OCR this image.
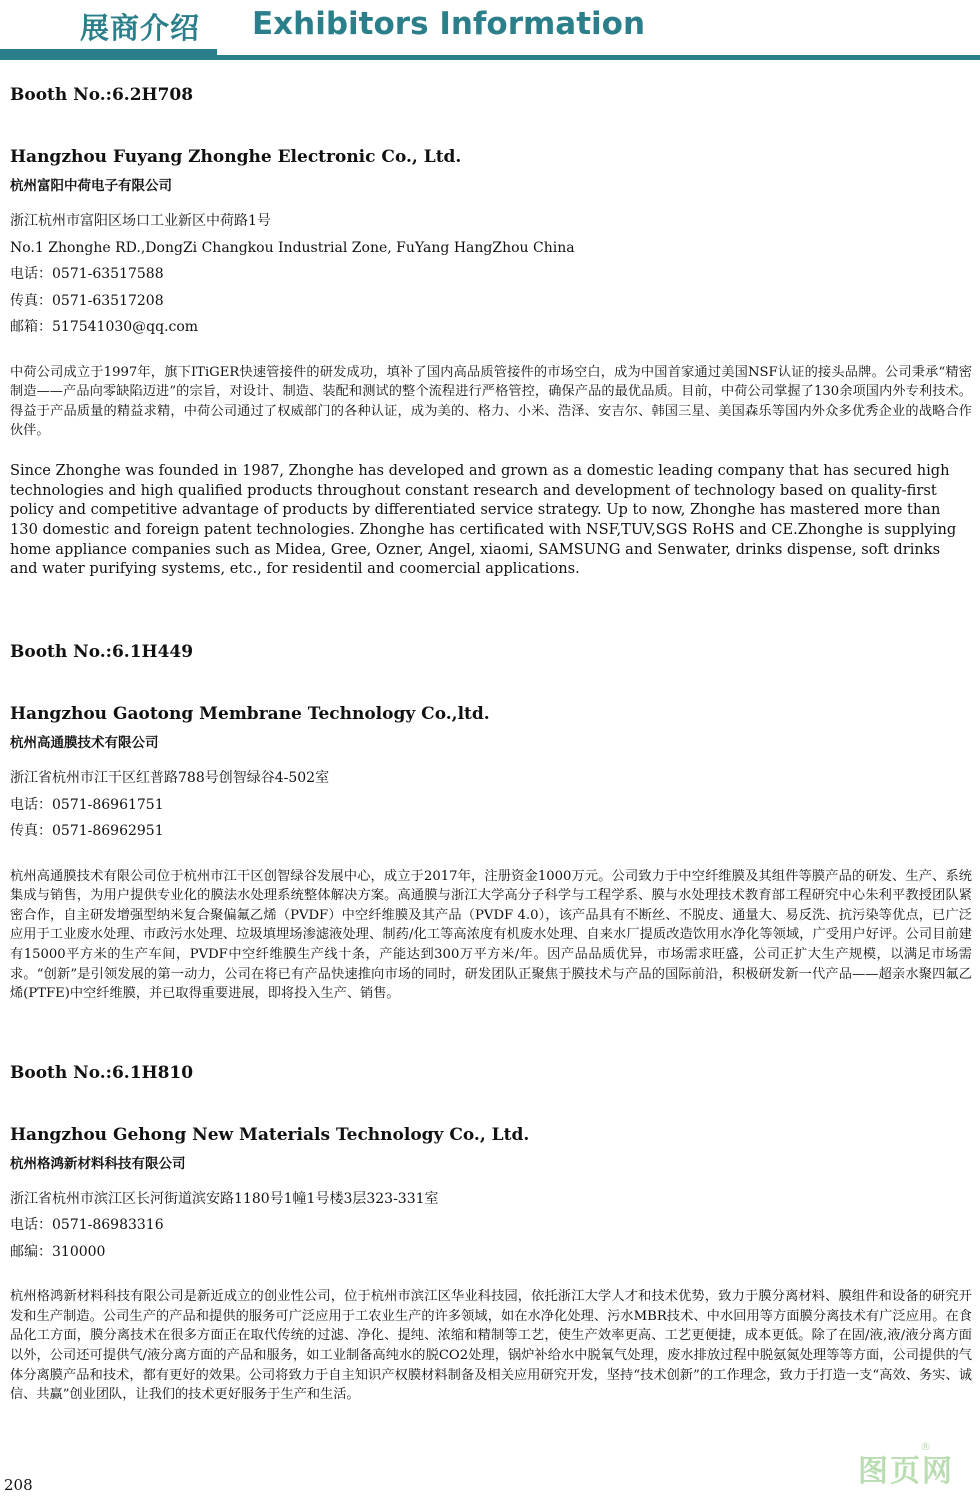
展商介绍 Exhibitors Information

Booth No.:6.2H708

Hangzhou Fuyang Zhonghe Electronic Co., Ltd.

杭州富阳中荷电子有限公司

浙江杭州市富阳区场口工业新区中荷路1号

No.1 Zhonghe RD.,DongZi Changkou Industrial Zone, FuYang HangZhou China

电话：0571-63517588

传真：0571-63517208

邮箱：517541030@qq.com

中荷公司成立于1997年，旗下ITiGER快速管接件的研发成功，填补了国内高品质管接件的市场空白，成为中国首家通过美国NSF认证的接头品牌。公司秉承“精密制造——产品向零缺陷迈进”的宗旨，对设计、制造、装配和测试的整个流程进行严格管控，确保产品的最优品质。目前，中荷公司掌握了130余项国内外专利技术。得益于产品质量的精益求精，中荷公司通过了权威部门的各种认证，成为美的、格力、小米、浩泽、安吉尔、韩国三星、美国森乐等国内外众多优秀企业的战略合作伙伴。

Since Zhonghe was founded in 1987, Zhonghe has developed and grown as a domestic leading company that has secured high technologies and high qualified products throughout constant research and development of technology based on quality-first policy and competitive advantage of products by differentiated service strategy. Up to now, Zhonghe has mastered more than 130 domestic and foreign patent technologies. Zhonghe has certificated with NSF,TUV,SGS RoHS and CE.Zhonghe is supplying home appliance companies such as Midea, Gree, Ozner, Angel, xiaomi, SAMSUNG and Senwater, drinks dispense, soft drinks and water purifying systems, etc., for residentil and coomercial applications.

Booth No.:6.1H449

Hangzhou Gaotong Membrane Technology Co.,ltd.

杭州高通膜技术有限公司

浙江省杭州市江干区红普路788号创智绿谷4-502室

电话：0571-86961751

传真：0571-86962951

杭州高通膜技术有限公司位于杭州市江干区创智绿谷发展中心，成立于2017年，注册资金1000万元。公司致力于中空纤维膜及其组件等膜产品的研发、生产、系统集成与销售，为用户提供专业化的膜法水处理系统整体解决方案。高通膜与浙江大学高分子科学与工程学系、膜与水处理技术教育部工程研究中心朱利平教授团队紧密合作，自主研发增强型纳米复合聚偏氟乙烯（PVDF）中空纤维膜及其产品（PVDF 4.0），该产品具有不断丝、不脱皮、通量大、易反洗、抗污染等优点，已广泛应用于工业废水处理、市政污水处理、垃圾填埋场渗滤液处理、制药/化工等高浓度有机废水处理、自来水厂提质改造饮用水净化等领域，广受用户好评。公司目前建有15000平方米的生产车间，PVDF中空纤维膜生产线十条，产能达到300万平方米/年。因产品品质优异，市场需求旺盛，公司正扩大生产规模，以满足市场需求。“创新”是引领发展的第一动力，公司在将已有产品快速推向市场的同时，研发团队正聚焦于膜技术与产品的国际前沿，积极研发新一代产品——超亲水聚四氟乙烯(PTFE)中空纤维膜，并已取得重要进展，即将投入生产、销售。

Booth No.:6.1H810

Hangzhou Gehong New Materials Technology Co., Ltd.

杭州格鸿新材料科技有限公司

浙江省杭州市滨江区长河街道滨安路1180号1幢1号楼3层323-331室

电话：0571-86983316

邮编：310000

杭州格鸿新材料科技有限公司是新近成立的创业性公司，位于杭州市滨江区华业科技园，依托浙江大学人才和技术优势，致力于膜分离材料、膜组件和设备的研究开发和生产制造。公司生产的产品和提供的服务可广泛应用于工农业生产的许多领域，如在水净化处理、污水MBR技术、中水回用等方面膜分离技术有广泛应用。在食品化工方面，膜分离技术在很多方面正在取代传统的过滤、净化、提纯、浓缩和精制等工艺，使生产效率更高、工艺更便捷，成本更低。除了在固/液,液/液分离方面以外，公司还可提供气/液分离方面的产品和服务，如工业制备高纯水的脱CO2处理，锅炉补给水中脱氧气处理，废水排放过程中脱氨氮处理等等方面，公司提供的气体分离膜产品和技术，都有更好的效果。公司将致力于自主知识产权膜材料制备及相关应用研究开发，坚持“技术创新”的工作理念，致力于打造一支“高效、务实、诚信、共赢”创业团队，让我们的技术更好服务于生产和生活。

208	图页网
®
